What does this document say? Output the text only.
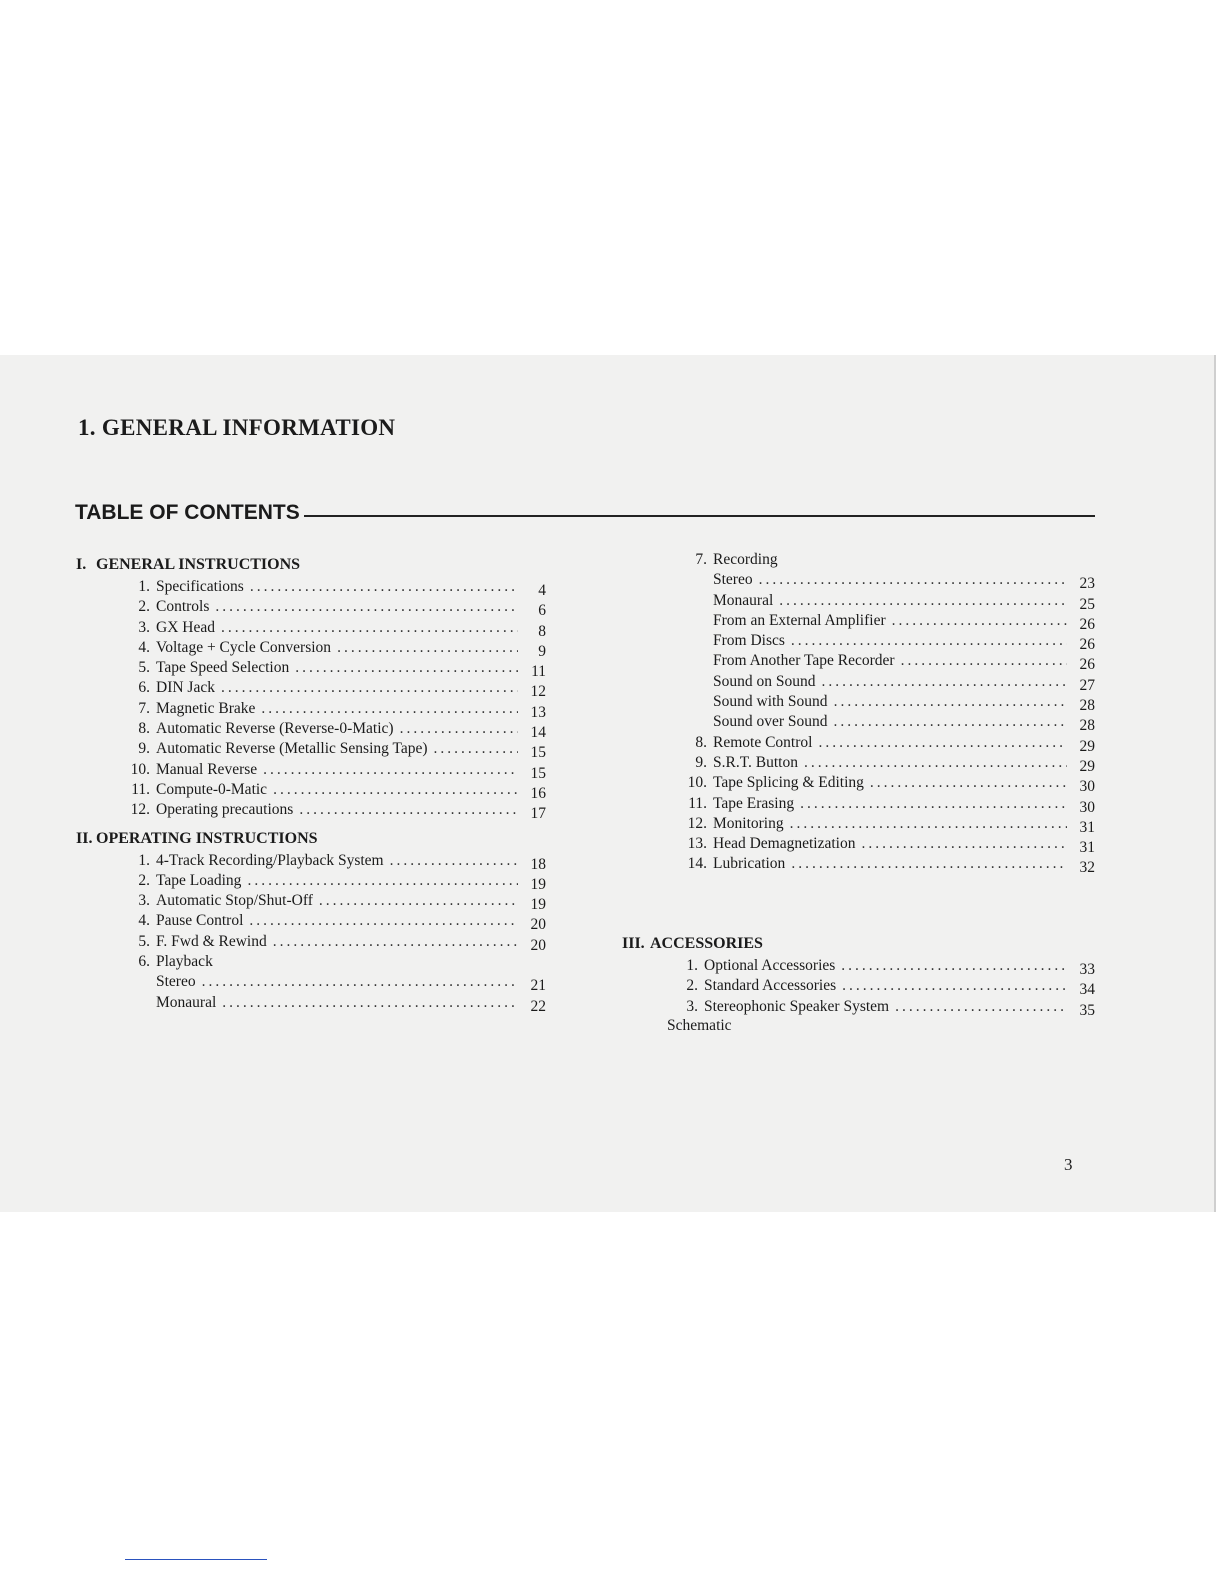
1. GENERAL INFORMATION
TABLE OF CONTENTS
I. GENERAL INSTRUCTIONS
1. Specifications .....	4
2. Controls .....	6
3. GX Head .....	8
4. Voltage + Cycle Conversion .....	9
5. Tape Speed Selection .....	11
6. DIN Jack .....	12
7. Magnetic Brake .....	13
8. Automatic Reverse (Reverse-0-Matic) .....	14
9. Automatic Reverse (Metallic Sensing Tape) .....	15
10. Manual Reverse .....	15
11. Compute-0-Matic .....	16
12. Operating precautions .....	17
II. OPERATING INSTRUCTIONS
1. 4-Track Recording/Playback System .....	18
2. Tape Loading .....	19
3. Automatic Stop/Shut-Off .....	19
4. Pause Control .....	20
5. F. Fwd & Rewind .....	20
6. Playback
Stereo .....	21
Monaural .....	22
7. Recording
Stereo .....	23
Monaural .....	25
From an External Amplifier .....	26
From Discs .....	26
From Another Tape Recorder .....	26
Sound on Sound .....	27
Sound with Sound .....	28
Sound over Sound .....	28
8. Remote Control .....	29
9. S.R.T. Button .....	29
10. Tape Splicing & Editing .....	30
11. Tape Erasing .....	30
12. Monitoring .....	31
13. Head Demagnetization .....	31
14. Lubrication .....	32
III. ACCESSORIES
1. Optional Accessories .....	33
2. Standard Accessories .....	34
3. Stereophonic Speaker System .....	35
Schematic
3
